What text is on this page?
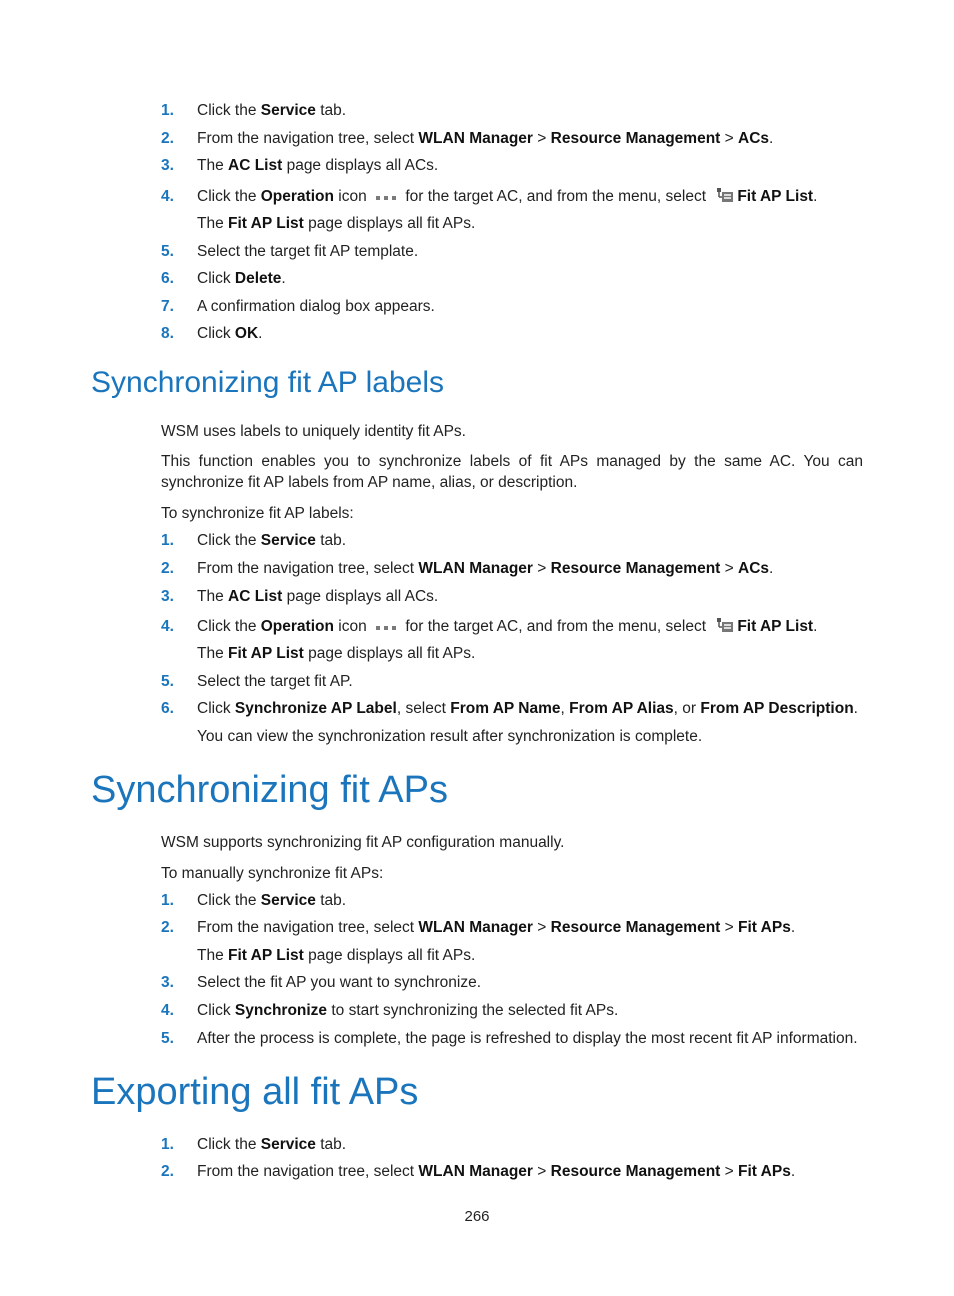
1.	Click the Service tab.
2.	From the navigation tree, select WLAN Manager > Resource Management > ACs.
3.	The AC List page displays all ACs.
4.	Click the Operation icon
for the target AC, and from the menu, select Fit AP List.
The Fit AP List page displays all fit APs.
5.	Select the target fit AP template.
6.	Click Delete.
7.	A confirmation dialog box appears.
8.	Click OK.
Synchronizing fit AP labels

WSM uses labels to uniquely identity fit APs.

This function enables you to synchronize labels of fit APs managed by the same AC. You can synchronize fit AP labels from AP name, alias, or description.

To synchronize fit AP labels:

1.	Click the Service tab.
2.	From the navigation tree, select WLAN Manager > Resource Management > ACs.
3.	The AC List page displays all ACs.
4.	Click the Operation icon
for the target AC, and from the menu, select Fit AP List.
The Fit AP List page displays all fit APs.
5.	Select the target fit AP.
6.	Click Synchronize AP Label, select From AP Name, From AP Alias, or From AP Description.
You can view the synchronization result after synchronization is complete.
Synchronizing fit APs

WSM supports synchronizing fit AP configuration manually.

To manually synchronize fit APs:

1.	Click the Service tab.
2.	From the navigation tree, select WLAN Manager > Resource Management > Fit APs.
The Fit AP List page displays all fit APs.
3.	Select the fit AP you want to synchronize.
4.	Click Synchronize to start synchronizing the selected fit APs.
5.	After the process is complete, the page is refreshed to display the most recent fit AP information.
Exporting all fit APs
1.	Click the Service tab.
2.	From the navigation tree, select WLAN Manager > Resource Management > Fit APs.
266
